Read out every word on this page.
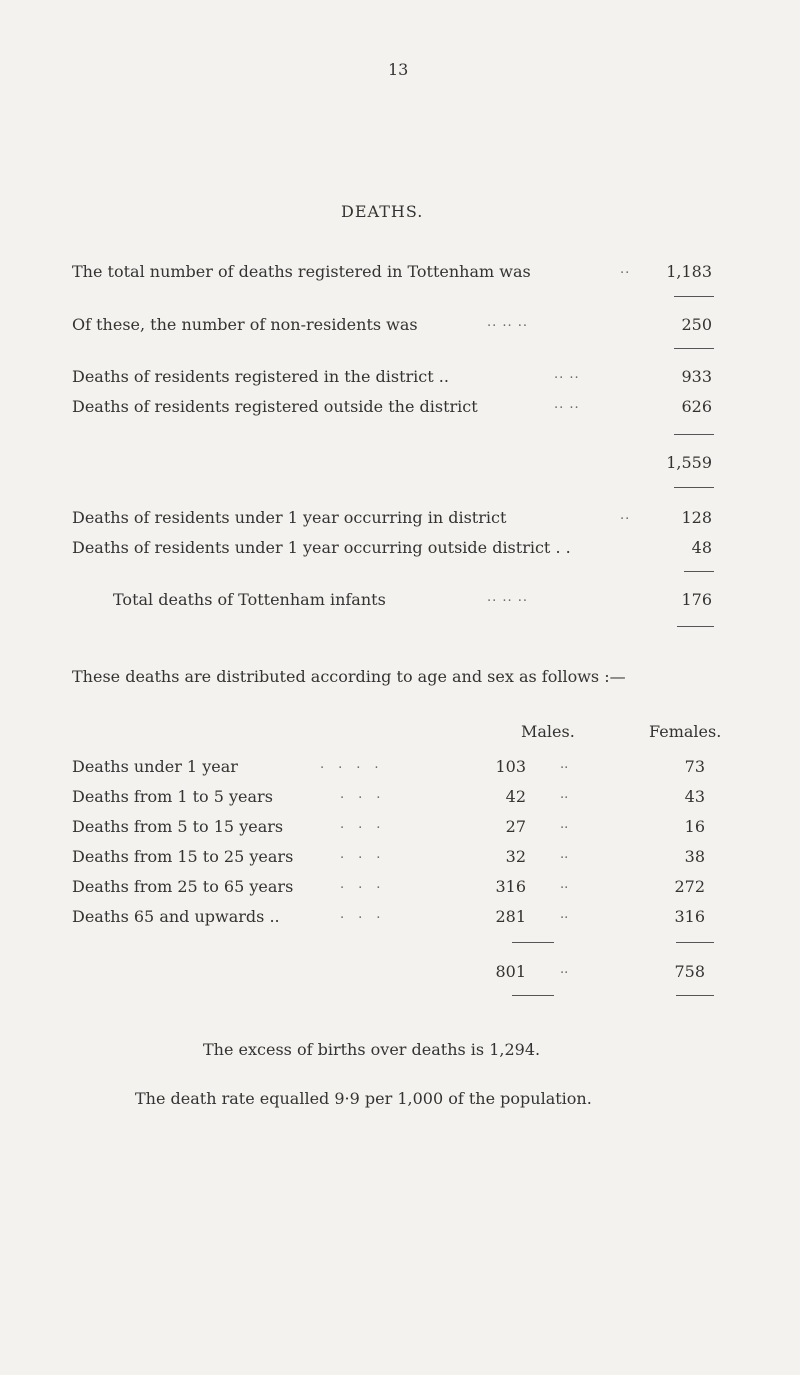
13
DEATHS.
The total number of deaths registered in Tottenham was	.. 1,183
Of these, the number of non-residents was	.. .. ..	250
Deaths of residents registered in the district ..	.. ..	933
Deaths of residents registered outside the district	.. ..	626
1,559
Deaths of residents under 1 year occurring in district	..	128
Deaths of residents under 1 year occurring outside district . .	48
Total deaths of Tottenham infants	.. .. ..	176
These deaths are distributed according to age and sex as follows :—
Males.	Females.
Deaths under 1 year	....	103	..	73
Deaths from 1 to 5 years	...	42	..	43
Deaths from 5 to 15 years	...	27	..	16
Deaths from 15 to 25 years	...	32	..	38
Deaths from 25 to 65 years	...	316	..	272
Deaths 65 and upwards ..	...	281	..	316
801	..	758
The excess of births over deaths is 1,294.
The death rate equalled 9·9 per 1,000 of the population.
